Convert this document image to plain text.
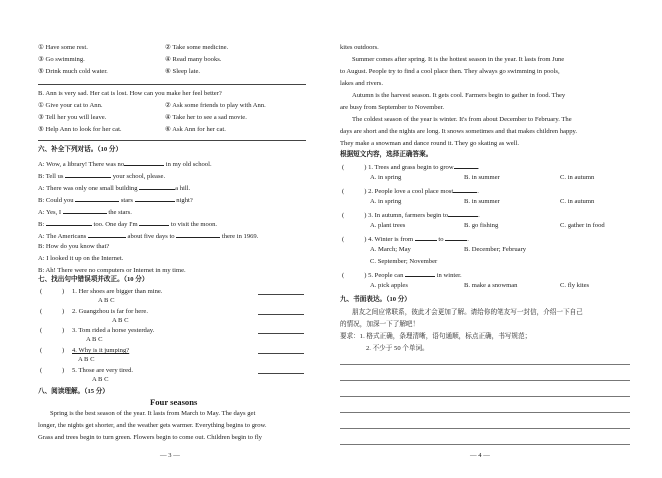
① Have some rest.	② Take some medicine.
③ Go swimming.	④ Read many books.
⑤ Drink much cold water.	⑥ Sleep late.
B. Ann is very sad. Her cat is lost. How can you make her feel better?
① Give your cat to Ann.	② Ask some friends to play with Ann.
③ Tell her you will leave.	④ Take her to see a sad movie.
⑤ Help Ann to look for her cat.	⑥ Ask Ann for her cat.
六、补全下列对话。（10 分）
A: Wow, a library! There was no	in my old school.
B: Tell us	your school, please.
A: There was only one small building	a hill.
B: Could you	stars	night?
A: Yes, I	the stars.
B:	too. One day I'm	to visit the moon.
A: The Americans	about five days to	there in 1969.
B: How do you know that?
A: I looked it up on the Internet.
B: Ah! There were no computers or Internet in my time.
七、找出句中错误项并改正。（10 分）
(	) 1. Her shoes are bigger than mine.
A B C
(	) 2. Guangzhou is far for here.
A B C
(	) 3. Tom rided a horse yesterday.
A B C
(	) 4. Why is it jumping?
A B C
(	) 5. Those are very tired.
A B C
八、阅读理解。（15 分）
Four seasons
Spring is the best season of the year. It lasts from March to May. The days get
longer, the nights get shorter, and the weather gets warmer. Everything begins to grow.
Grass and trees begin to turn green. Flowers begin to come out. Children begin to fly
— 3 —
kites outdoors.
Summer comes after spring. It is the hottest season in the year. It lasts from June
to August. People try to find a cool place then. They always go swimming in pools,
lakes and rivers.
Autumn is the harvest season. It gets cool. Farmers begin to gather in food. They
are busy from September to November.
The coldest season of the year is winter. It's from about December to February. The
days are short and the nights are long. It snows sometimes and that makes children happy.
They make a snowman and dance round it. They go skating as well.
根据短文内容，选择正确答案。
(	) 1. Trees and grass begin to grow	.
A. in spring	B. in summer	C. in autumn
(	) 2. People love a cool place most	.
A. in spring	B. in summer	C. in autumn
(	) 3. In autumn, farmers begin to	.
A. plant trees	B. go fishing	C. gather in food
(	) 4. Winter is from	to	.
A. March; May	B. December; February
C. September; November
(	) 5. People can	in winter.
A. pick apples	B. make a snowman	C. fly kites
九、书面表达。（10 分）
朋友之间应常联系，彼此才会更加了解。请给你的笔友写一封信，介绍一下自己
的情况，加深一下了解吧！
要求：1. 格式正确，条理清晰，语句通顺，标点正确，书写规范；
2. 不少于 50 个单词。
— 4 —
